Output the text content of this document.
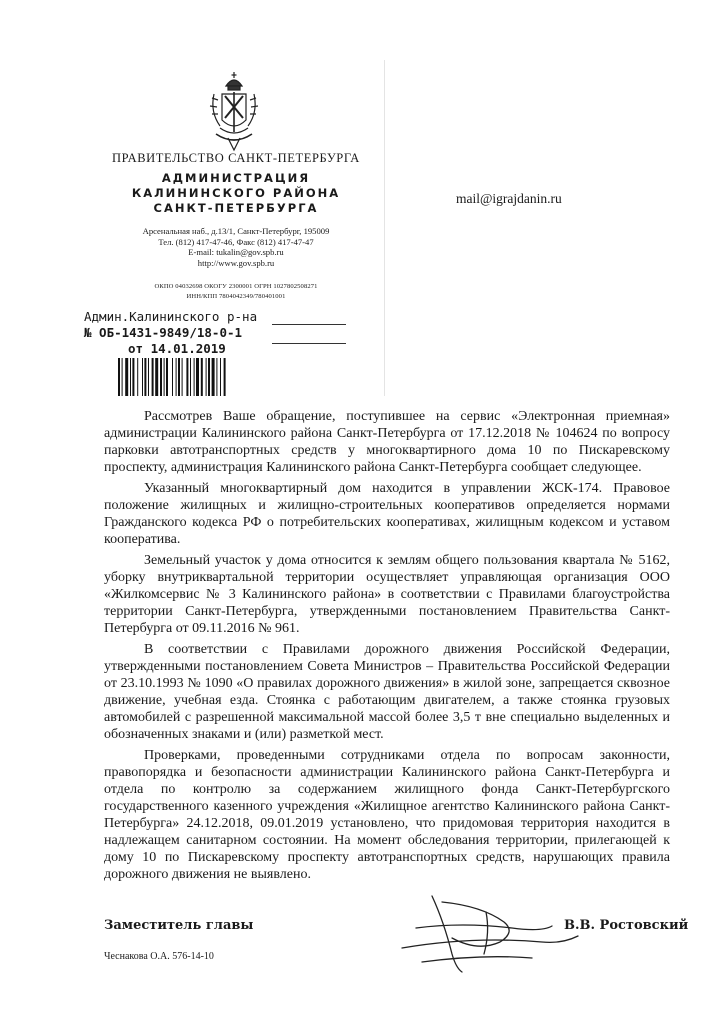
ПРАВИТЕЛЬСТВО САНКТ-ПЕТЕРБУРГА
АДМИНИСТРАЦИЯ
КАЛИНИНСКОГО РАЙОНА
САНКТ-ПЕТЕРБУРГА
Арсенальная наб., д.13/1, Санкт-Петербург, 195009
Тел. (812) 417-47-46, Факс (812) 417-47-47
E-mail: tukalin@gov.spb.ru
http://www.gov.spb.ru
ОКПО 04032698 ОКОГУ 2300001 ОГРН 1027802508271
ИНН/КПП 7804042349/780401001
mail@igrajdanin.ru
Админ.Калининского р-на
№ ОБ-1431-9849/18-0-1
от 14.01.2019

Рассмотрев Ваше обращение, поступившее на сервис «Электронная приемная» администрации Калининского района Санкт-Петербурга от 17.12.2018 № 104624 по вопросу парковки автотранспортных средств у многоквартирного дома 10 по Пискаревскому проспекту, администрация Калининского района Санкт-Петербурга сообщает следующее.

Указанный многоквартирный дом находится в управлении ЖСК-174. Правовое положение жилищных и жилищно-строительных кооперативов определяется нормами Гражданского кодекса РФ о потребительских кооперативах, жилищным кодексом и уставом кооператива.

Земельный участок у дома относится к землям общего пользования квартала № 5162, уборку внутриквартальной территории осуществляет управляющая организация ООО «Жилкомсервис № 3 Калининского района» в соответствии с Правилами благоустройства территории Санкт-Петербурга, утвержденными постановлением Правительства Санкт-Петербурга от 09.11.2016 № 961.

В соответствии с Правилами дорожного движения Российской Федерации, утвержденными постановлением Совета Министров – Правительства Российской Федерации от 23.10.1993 № 1090 «О правилах дорожного движения» в жилой зоне, запрещается сквозное движение, учебная езда. Стоянка с работающим двигателем, а также стоянка грузовых автомобилей с разрешенной максимальной массой более 3,5 т вне специально выделенных и обозначенных знаками и (или) разметкой мест.

Проверками, проведенными сотрудниками отдела по вопросам законности, правопорядка и безопасности администрации Калининского района Санкт-Петербурга и отдела по контролю за содержанием жилищного фонда Санкт-Петербургского государственного казенного учреждения «Жилищное агентство Калининского района Санкт-Петербурга» 24.12.2018, 09.01.2019 установлено, что придомовая территория находится в надлежащем санитарном состоянии. На момент обследования территории, прилегающей к дому 10 по Пискаревскому проспекту автотранспортных средств, нарушающих правила дорожного движения не выявлено.

Заместитель главы	В.В. Ростовский
Чеснакова О.А. 576-14-10
